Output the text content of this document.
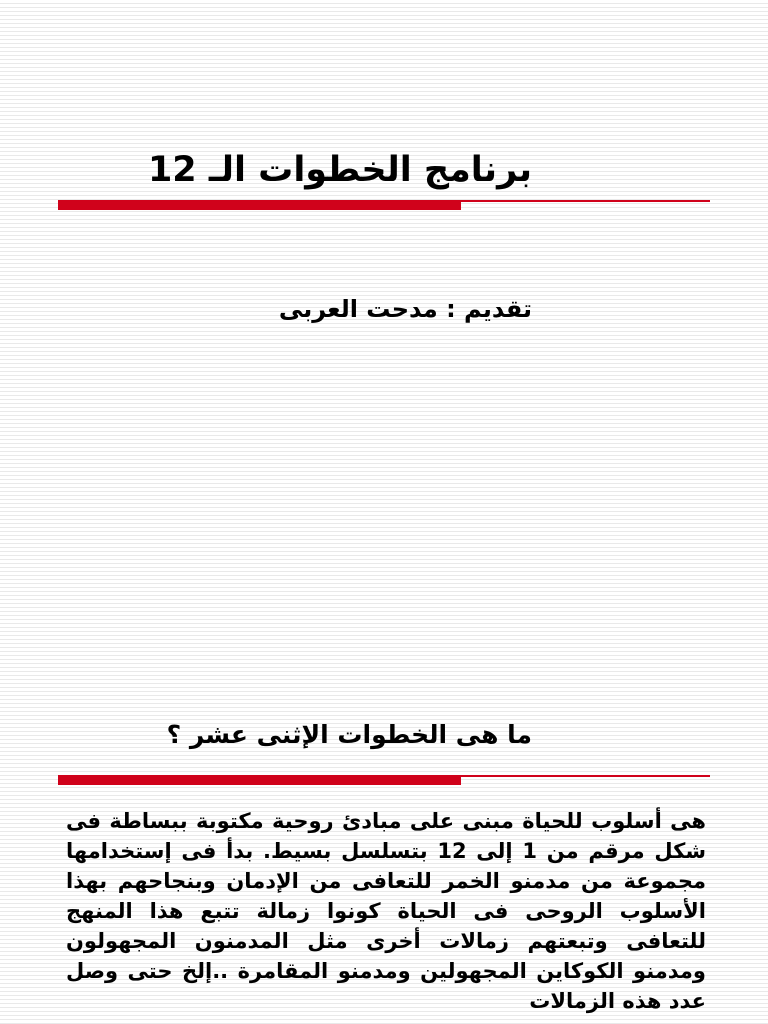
برنامج الخطوات الـ 12
تقديم : مدحت العربى
ما هى الخطوات الإثنى عشر ؟
هى أسلوب للحياة مبنى على مبادئ روحية مكتوبة ببساطة فى شكل مرقم من 1 إلى 12 بتسلسل بسيط. بدأ فى إستخدامها مجموعة من مدمنو الخمر للتعافى من الإدمان وبنجاحهم بهذا الأسلوب الروحى فى الحياة كونوا زمالة تتبع هذا المنهج للتعافى وتبعتهم زمالات أخرى مثل المدمنون المجهولون ومدمنو الكوكاين المجهولين ومدمنو المقامرة ..إلخ حتى وصل عدد هذه الزمالات
